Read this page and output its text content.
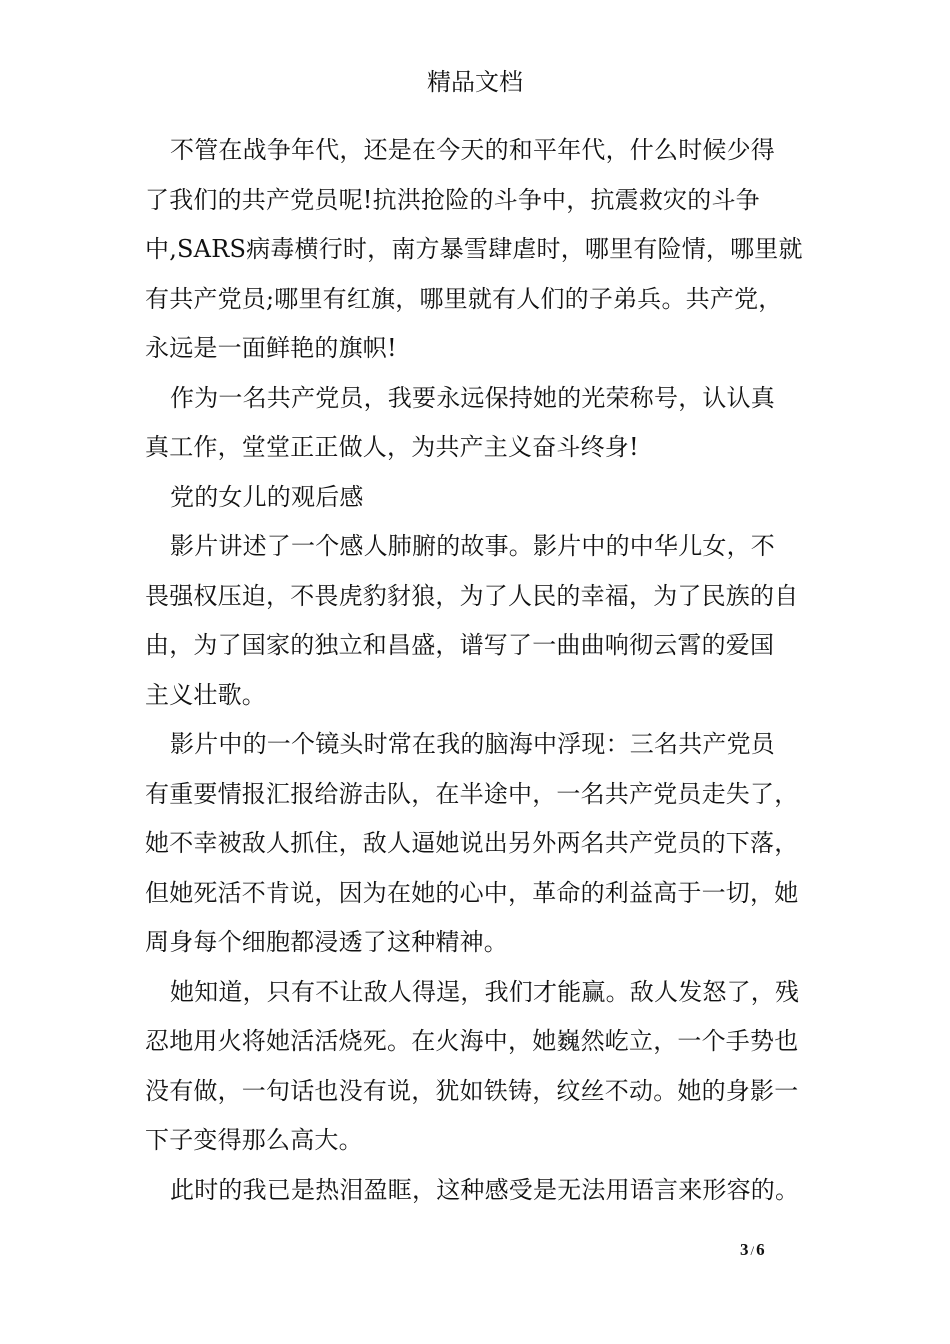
精品文档
不管在战争年代，还是在今天的和平年代，什么时候少得
了我们的共产党员呢!抗洪抢险的斗争中，抗震救灾的斗争
中,SARS病毒横行时，南方暴雪肆虐时，哪里有险情，哪里就
有共产党员;哪里有红旗，哪里就有人们的子弟兵。共产党，
永远是一面鲜艳的旗帜!
作为一名共产党员，我要永远保持她的光荣称号，认认真
真工作，堂堂正正做人，为共产主义奋斗终身!
党的女儿的观后感
影片讲述了一个感人肺腑的故事。影片中的中华儿女，不
畏强权压迫，不畏虎豹豺狼，为了人民的幸福，为了民族的自
由，为了国家的独立和昌盛，谱写了一曲曲响彻云霄的爱国
主义壮歌。
影片中的一个镜头时常在我的脑海中浮现：三名共产党员
有重要情报汇报给游击队，在半途中，一名共产党员走失了，
她不幸被敌人抓住，敌人逼她说出另外两名共产党员的下落，
但她死活不肯说，因为在她的心中，革命的利益高于一切，她
周身每个细胞都浸透了这种精神。
她知道，只有不让敌人得逞，我们才能赢。敌人发怒了，残
忍地用火将她活活烧死。在火海中，她巍然屹立，一个手势也
没有做，一句话也没有说，犹如铁铸，纹丝不动。她的身影一
下子变得那么高大。
此时的我已是热泪盈眶，这种感受是无法用语言来形容的。
3 / 6
